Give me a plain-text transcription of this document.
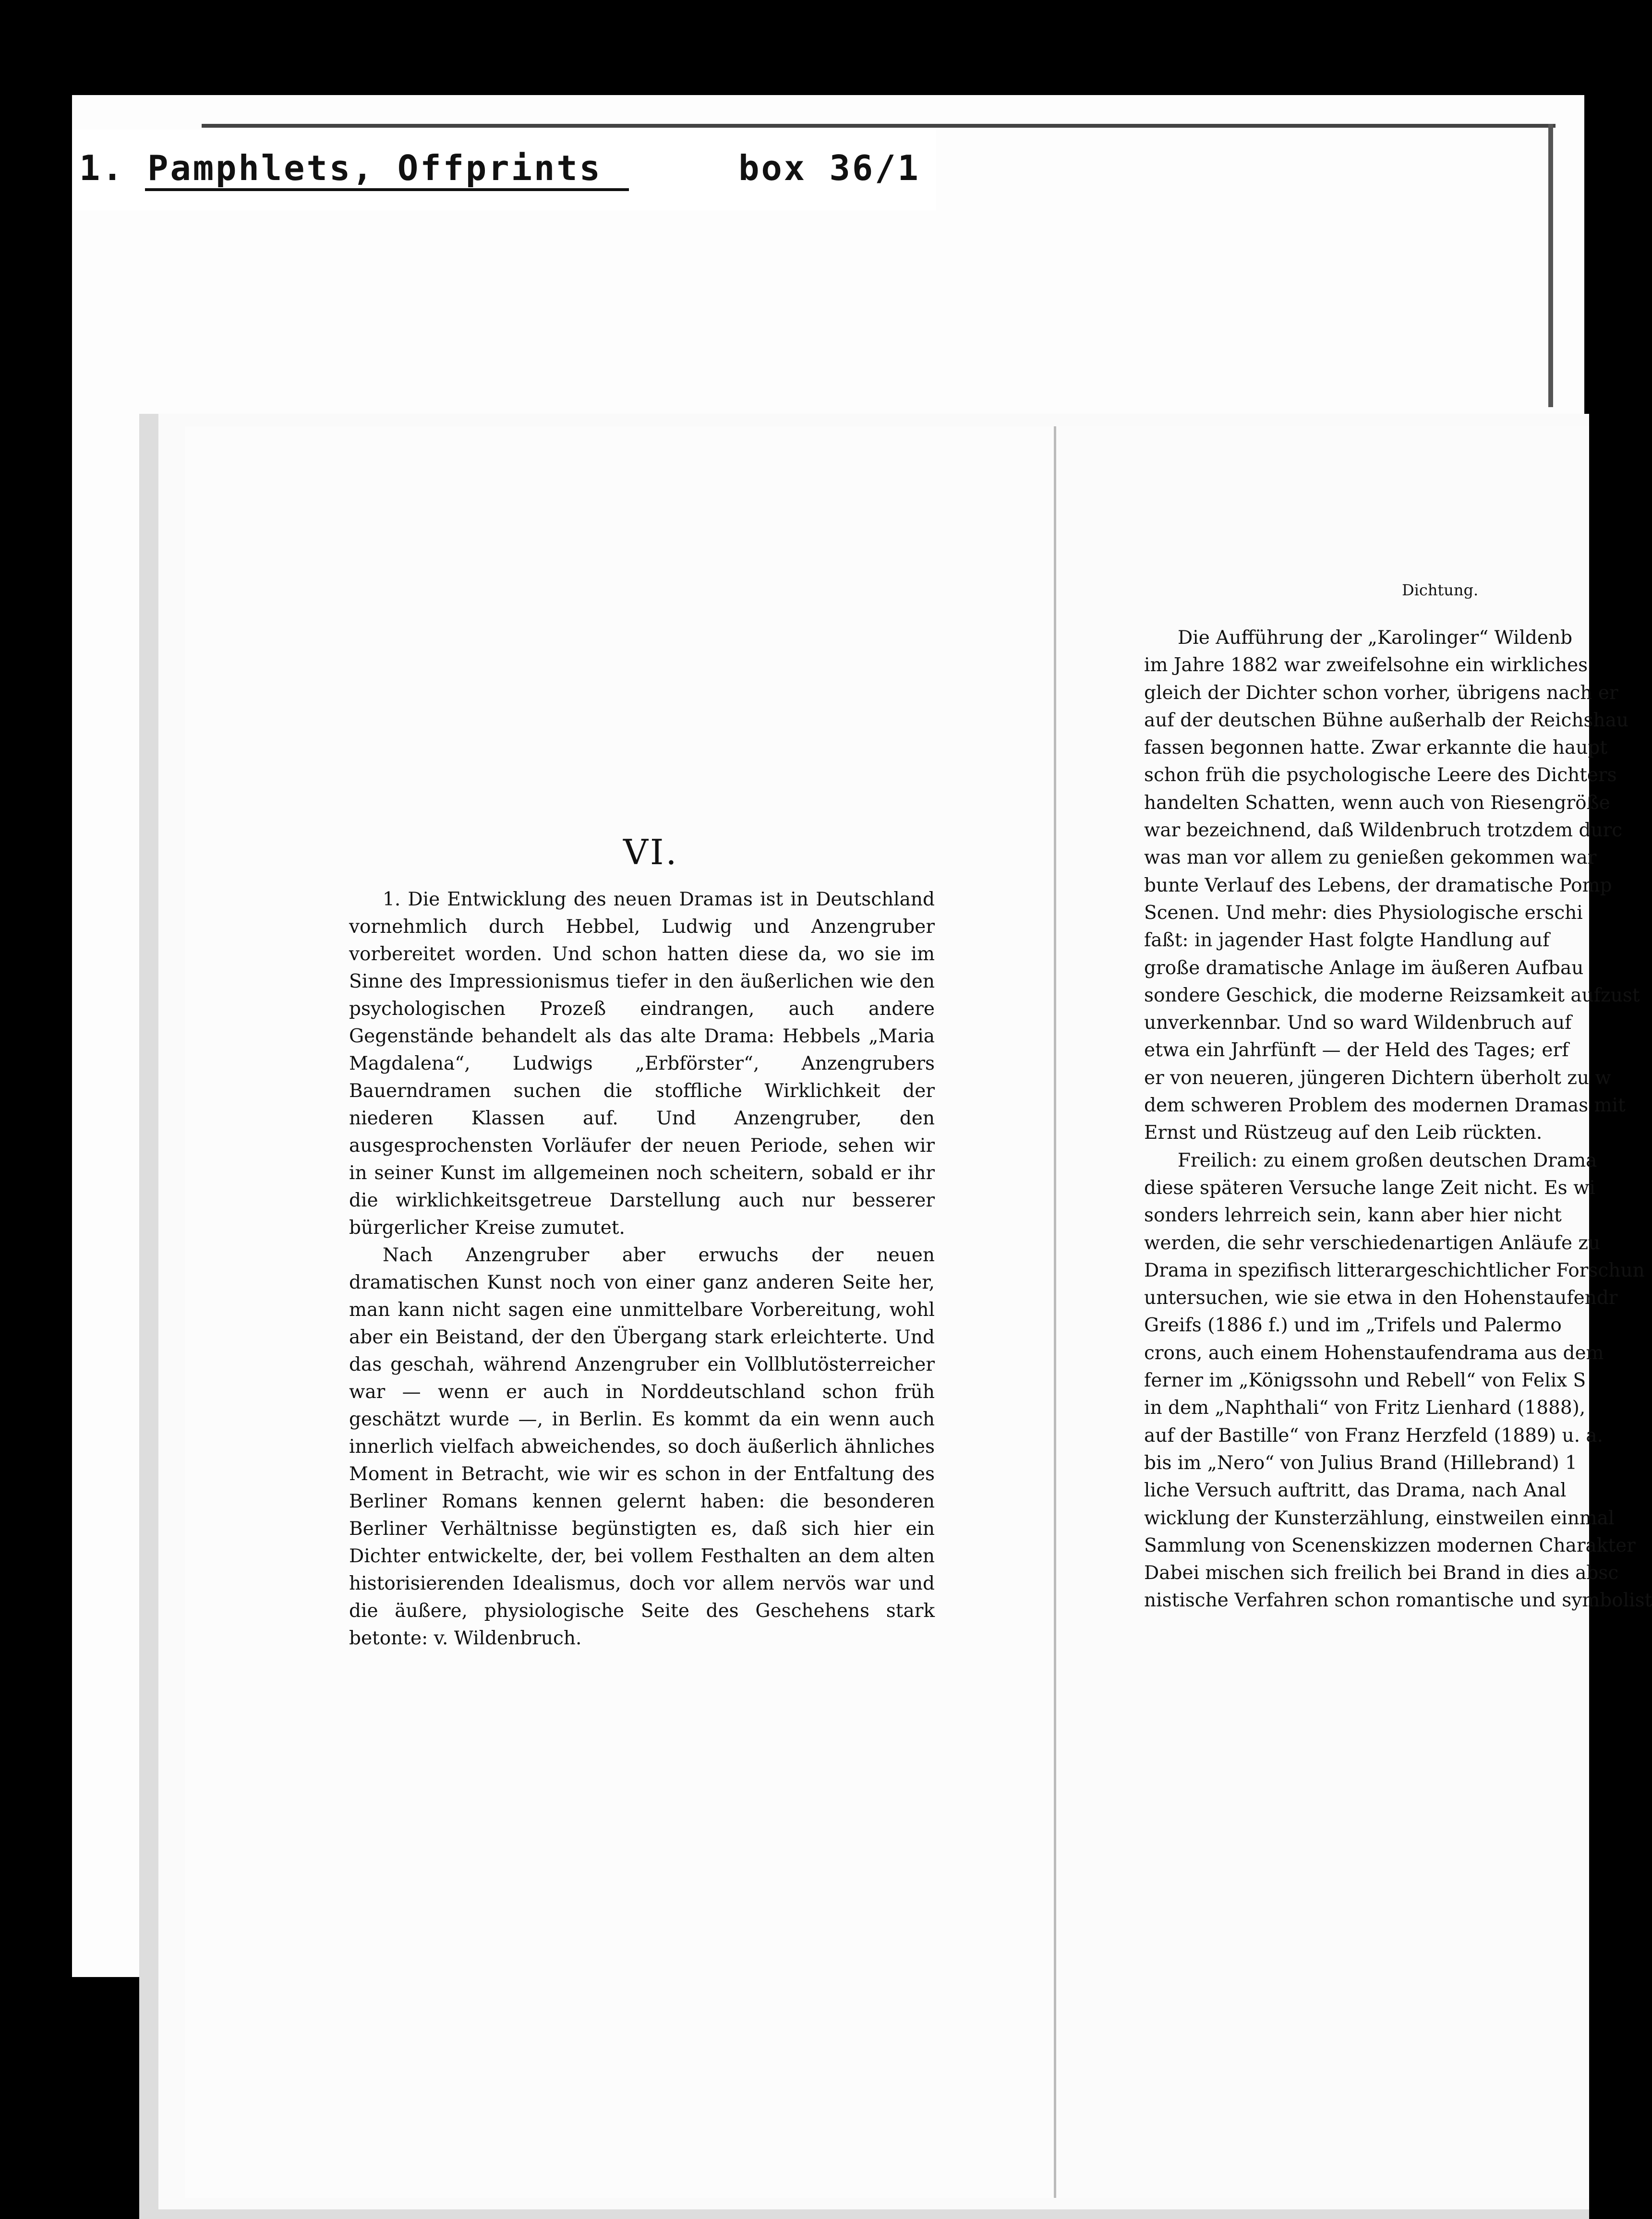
1. Pamphlets, Offprints	box 36/1
VI.

1. Die Entwicklung des neuen Dramas ist in Deutschland vornehmlich durch Hebbel, Ludwig und Anzengruber vorbereitet worden. Und schon hatten diese da, wo sie im Sinne des Impressionismus tiefer in den äußerlichen wie den psychologischen Prozeß eindrangen, auch andere Gegenstände behandelt als das alte Drama: Hebbels „Maria Magdalena“, Ludwigs „Erbförster“, Anzengrubers Bauerndramen suchen die stoffliche Wirklichkeit der niederen Klassen auf. Und Anzengruber, den ausgesprochensten Vorläufer der neuen Periode, sehen wir in seiner Kunst im allgemeinen noch scheitern, sobald er ihr die wirklichkeitsgetreue Darstellung auch nur besserer bürgerlicher Kreise zumutet.

Nach Anzengruber aber erwuchs der neuen dramatischen Kunst noch von einer ganz anderen Seite her, man kann nicht sagen eine unmittelbare Vorbereitung, wohl aber ein Beistand, der den Übergang stark erleichterte. Und das geschah, während Anzengruber ein Vollblutösterreicher war — wenn er auch in Norddeutschland schon früh geschätzt wurde —, in Berlin. Es kommt da ein wenn auch innerlich vielfach abweichendes, so doch äußerlich ähnliches Moment in Betracht, wie wir es schon in der Entfaltung des Berliner Romans kennen gelernt haben: die besonderen Berliner Verhältnisse begünstigten es, daß sich hier ein Dichter entwickelte, der, bei vollem Festhalten an dem alten historisierenden Idealismus, doch vor allem nervös war und die äußere, physiologische Seite des Geschehens stark betonte: v. Wildenbruch.

Dichtung.
Die Aufführung der „Karolinger“ Wildenb
im Jahre 1882 war zweifelsohne ein wirkliches
gleich der Dichter schon vorher, übrigens nach er
auf der deutschen Bühne außerhalb der Reichshau
fassen begonnen hatte. Zwar erkannte die haupt
schon früh die psychologische Leere des Dichters
handelten Schatten, wenn auch von Riesengröße
war bezeichnend, daß Wildenbruch trotzdem durc
was man vor allem zu genießen gekommen war
bunte Verlauf des Lebens, der dramatische Pomp
Scenen. Und mehr: dies Physiologische erschi
faßt: in jagender Hast folgte Handlung auf
große dramatische Anlage im äußeren Aufbau
sondere Geschick, die moderne Reizsamkeit aufzust
unverkennbar. Und so ward Wildenbruch auf
etwa ein Jahrfünft — der Held des Tages; erf
er von neueren, jüngeren Dichtern überholt zu w
dem schweren Problem des modernen Dramas mit
Ernst und Rüstzeug auf den Leib rückten.
Freilich: zu einem großen deutschen Drama
diese späteren Versuche lange Zeit nicht. Es wi
sonders lehrreich sein, kann aber hier nicht
werden, die sehr verschiedenartigen Anläufe zu
Drama in spezifisch litterargeschichtlicher Forschun
untersuchen, wie sie etwa in den Hohenstaufendr
Greifs (1886 f.) und im „Trifels und Palermo
crons, auch einem Hohenstaufendrama aus dem
ferner im „Königssohn und Rebell“ von Felix S
in dem „Naphthali“ von Fritz Lienhard (1888),
auf der Bastille“ von Franz Herzfeld (1889) u. a.
bis im „Nero“ von Julius Brand (Hillebrand) 1
liche Versuch auftritt, das Drama, nach Anal
wicklung der Kunsterzählung, einstweilen einmal
Sammlung von Scenenskizzen modernen Charakter
Dabei mischen sich freilich bei Brand in dies absc
nistische Verfahren schon romantische und symbolist
